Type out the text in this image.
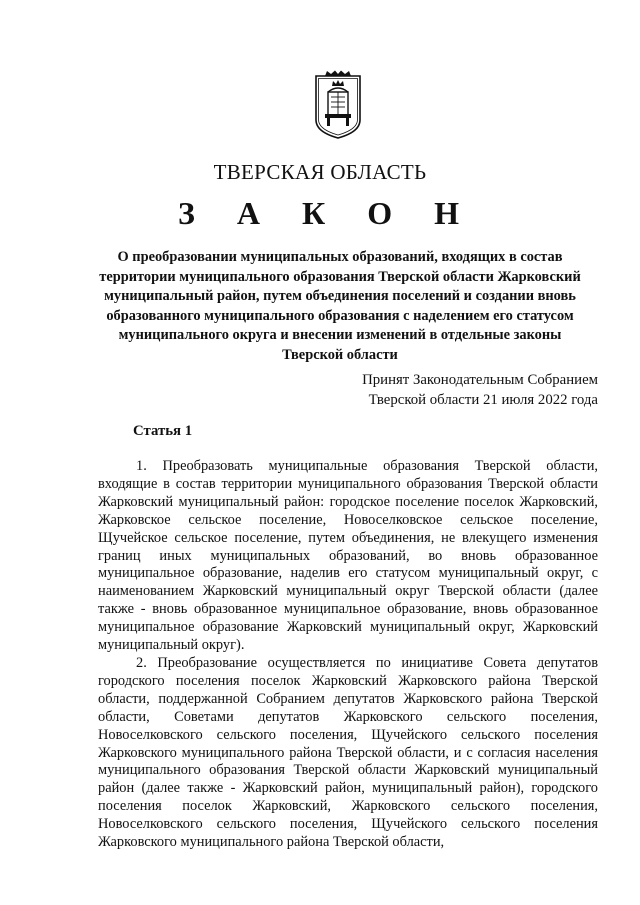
ТВЕРСКАЯ ОБЛАСТЬ
З А К О Н
О преобразовании муниципальных образований, входящих в состав территории муниципального образования Тверской области Жарковский муниципальный район, путем объединения поселений и создании вновь образованного муниципального образования с наделением его статусом муниципального округа и внесении изменений в отдельные законы Тверской области
Принят Законодательным Собранием
Тверской области 21 июля 2022 года
Статья 1

1. Преобразовать муниципальные образования Тверской области, входящие в состав территории муниципального образования Тверской области Жарковский муниципальный район: городское поселение поселок Жарковский, Жарковское сельское поселение, Новоселковское сельское поселение, Щучейское сельское поселение, путем объединения, не влекущего изменения границ иных муниципальных образований, во вновь образованное муниципальное образование, наделив его статусом муниципальный округ, с наименованием Жарковский муниципальный округ Тверской области (далее также - вновь образованное муниципальное образование, вновь образованное муниципальное образование Жарковский муниципальный округ, Жарковский муниципальный округ).

2. Преобразование осуществляется по инициативе Совета депутатов городского поселения поселок Жарковский Жарковского района Тверской области, поддержанной Собранием депутатов Жарковского района Тверской области, Советами депутатов Жарковского сельского поселения, Новоселковского сельского поселения, Щучейского сельского поселения Жарковского муниципального района Тверской области, и с согласия населения муниципального образования Тверской области Жарковский муниципальный район (далее также - Жарковский район, муниципальный район), городского поселения поселок Жарковский, Жарковского сельского поселения, Новоселковского сельского поселения, Щучейского сельского поселения Жарковского муниципального района Тверской области,
